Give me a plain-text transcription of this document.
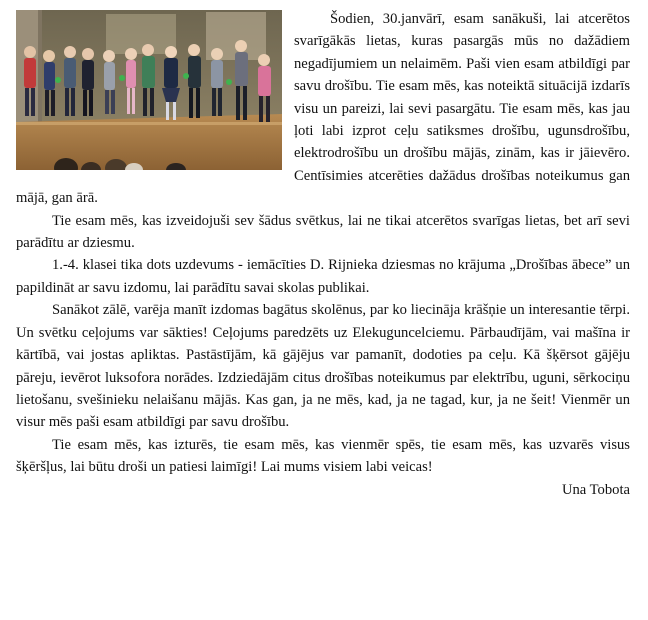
Šodien, 30.janvārī, esam sanākuši, lai atcerētos svarīgākās lietas, kuras pasargās mūs no dažādiem negadījumiem un nelaimēm. Paši vien esam atbildīgi par savu drošību. Tie esam mēs, kas noteiktā situācijā izdarīs visu un pareizi, lai sevi pasargātu. Tie esam mēs, kas jau ļoti labi izprot ceļu satiksmes drošību, ugunsdrošību, elektrodrošību un drošību mājās, zinām, kas ir jāievēro. Centīsimies atcerēties dažādus drošības noteikumus gan mājā, gan ārā.

Tie esam mēs, kas izveidojuši sev šādus svētkus, lai ne tikai atcerētos svarīgas lietas, bet arī sevi parādītu ar dziesmu.

1.-4. klasei tika dots uzdevums - iemācīties D. Rijnieka dziesmas no krājuma „Drošības ābece” un papildināt ar savu izdomu, lai parādītu savai skolas publikai.

Sanākot zālē, varēja manīt izdomas bagātus skolēnus, par ko liecināja krāšņie un interesantie tērpi. Un svētku ceļojums var sākties! Ceļojums paredzēts uz Elekuguncelciemu. Pārbaudījām, vai mašīna ir kārtībā, vai jostas apliktas. Pastāstījām, kā gājējus var pamanīt, dodoties pa ceļu. Kā šķērsot gājēju pāreju, ievērot luksofora norādes. Izdziedājām citus drošības noteikumus par elektrību, uguni, sērkociņu lietošanu, svešinieku nelaišanu mājās. Kas gan, ja ne mēs, kad, ja ne tagad, kur, ja ne šeit! Vienmēr un visur mēs paši esam atbildīgi par savu drošību.

Tie esam mēs, kas izturēs, tie esam mēs, kas vienmēr spēs, tie esam mēs, kas uzvarēs visus šķēršļus, lai būtu droši un patiesi laimīgi! Lai mums visiem labi veicas!

Una Tobota
